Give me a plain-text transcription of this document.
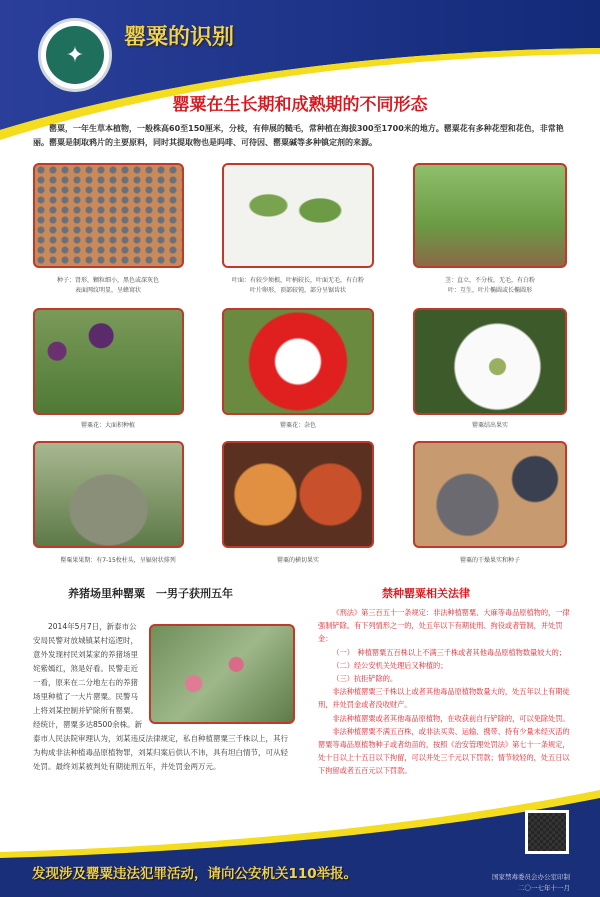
✦
罂粟的识别
罂粟在生长期和成熟期的不同形态
罂粟，一年生草本植物，一般株高60至150厘米，分枝，有伸展的糙毛，常种植在海拔300至1700米的地方。罂粟花有多种花型和花色，非常艳丽。罂粟是制取鸦片的主要原料，同时其提取物也是吗啡、可待因、罂粟碱等多种镇定剂的来源。
种子：肾形，颗粒细小，黑色或深灰色
表面网纹明显，呈蜂窝状
叶面：有较少须根，叶柄较长，叶面无毛，有白粉
叶片卵形，顶部较钝，部分呈锯齿状
茎：直立，不分枝，无毛，有白粉
叶：互生，叶片椭圆或长椭圆形
罂粟花：大面积种植	罂粟花：杂色	罂粟结出果实
罂粟果果期：有7-15枚柱头，呈辐射状排列	罂粟的横切果实	罂粟的干燥果实和种子
养猪场里种罂粟　一男子获刑五年

2014年5月7日，新泰市公安局民警对放城镇某村巡逻时，意外发现村民刘某家的养猪场里姹紫嫣红，煞是好看。民警走近一看，原来在二分地左右的养猪场里种植了一大片罂粟。民警马上将刘某控制并铲除所有罂粟。经统计，罂粟多达8500余株。新泰市人民法院审理认为，刘某违反法律规定，私自种植罂粟三千株以上，其行为构成非法种植毒品原植物罪，刘某归案后供认不讳，具有坦白情节，可从轻处罚。最终刘某被判处有期徒刑五年，并处罚金两万元。

禁种罂粟相关法律

《刑法》第三百五十一条规定：非法种植罂粟、大麻等毒品原植物的，一律强制铲除。有下列情形之一的，处五年以下有期徒刑、拘役或者管制，并处罚金：

（一）　种植罂粟五百株以上不满三千株或者其他毒品原植物数量较大的；

（二）经公安机关处理后又种植的；

（三）抗拒铲除的。

非法种植罂粟三千株以上或者其他毒品原植物数量大的，处五年以上有期徒刑，并处罚金或者没收财产。

非法种植罂粟或者其他毒品原植物，在收获前自行铲除的，可以免除处罚。

非法种植罂粟不满五百株，或非法买卖、运输、携带、持有少量未经灭活的罂粟等毒品原植物种子或者幼苗的，按照《治安管理处罚法》第七十一条规定，处十日以上十五日以下拘留，可以并处三千元以下罚款；情节较轻的，处五日以下拘留或者五百元以下罚款。

发现涉及罂粟违法犯罪活动，请向公安机关110举报。	国家禁毒委员会办公室印制
二〇一七年十一月
